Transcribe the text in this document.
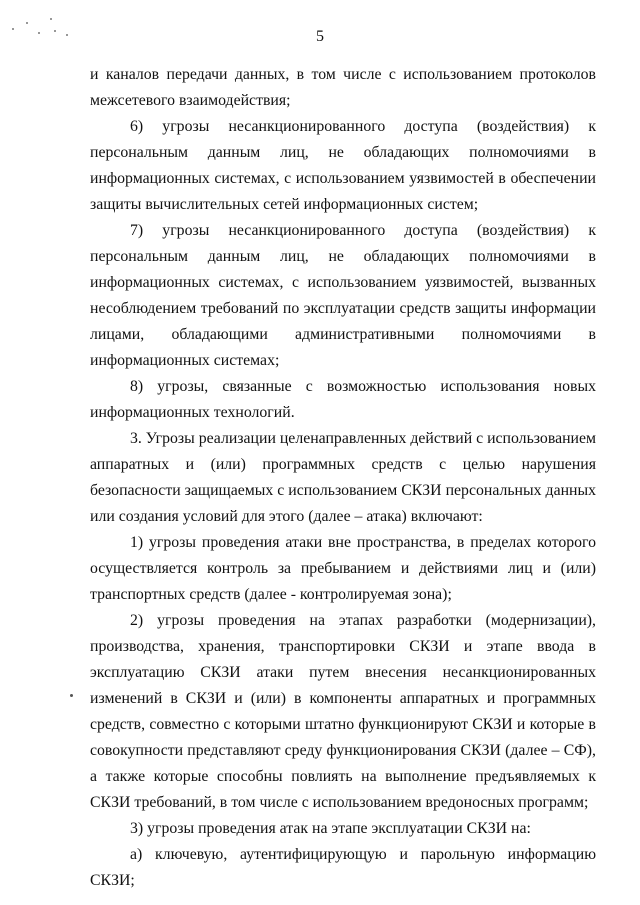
5

и каналов передачи данных, в том числе с использованием протоколов межсетевого взаимодействия;

6) угрозы несанкционированного доступа (воздействия) к персональным данным лиц, не обладающих полномочиями в информационных системах, с использованием уязвимостей в обеспечении защиты вычислительных сетей информационных систем;

7) угрозы несанкционированного доступа (воздействия) к персональным данным лиц, не обладающих полномочиями в информационных системах, с использованием уязвимостей, вызванных несоблюдением требований по эксплуатации средств защиты информации лицами, обладающими административными полномочиями в информационных системах;

8) угрозы, связанные с возможностью использования новых информационных технологий.

3. Угрозы реализации целенаправленных действий с использованием аппаратных и (или) программных средств с целью нарушения безопасности защищаемых с использованием СКЗИ персональных данных или создания условий для этого (далее – атака) включают:

1) угрозы проведения атаки вне пространства, в пределах которого осуществляется контроль за пребыванием и действиями лиц и (или) транспортных средств (далее - контролируемая зона);

2) угрозы проведения на этапах разработки (модернизации), производства, хранения, транспортировки СКЗИ и этапе ввода в эксплуатацию СКЗИ атаки путем внесения несанкционированных изменений в СКЗИ и (или) в компоненты аппаратных и программных средств, совместно с которыми штатно функционируют СКЗИ и которые в совокупности представляют среду функционирования СКЗИ (далее – СФ), а также которые способны повлиять на выполнение предъявляемых к СКЗИ требований, в том числе с использованием вредоносных программ;

3) угрозы проведения атак на этапе эксплуатации СКЗИ на:

а) ключевую, аутентифицирующую и парольную информацию СКЗИ;
